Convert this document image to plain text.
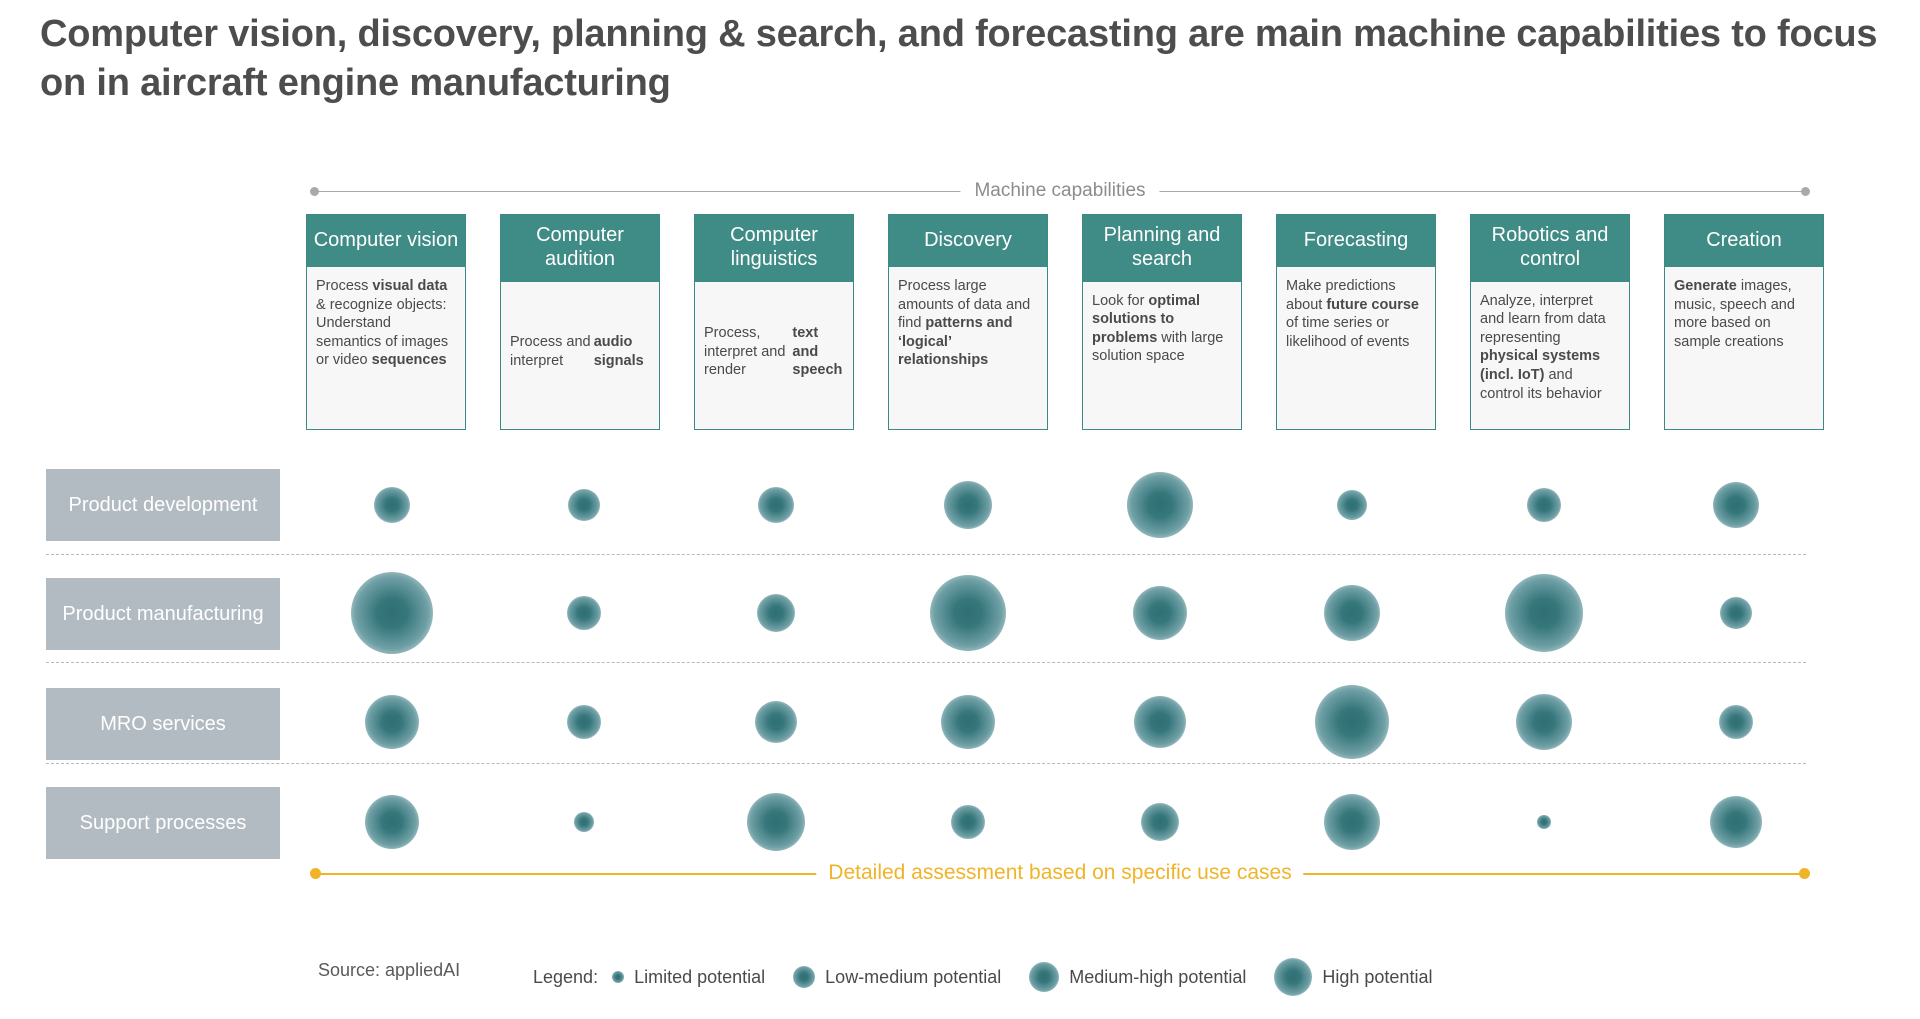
Computer vision, discovery, planning & search, and forecasting are main machine capabilities to focus on in aircraft engine manufacturing
Machine capabilities
Computer vision
Process visual data & recognize objects: Understand semantics of images or video sequences
Computer audition
Process and interpret
audio signals
Computer linguistics
Process, interpret and render
text and speech
Discovery
Process large amounts of data and find patterns and ‘logical’ relationships
Planning and search
Look for optimal solutions to problems with large solution space
Forecasting
Make predictions about future course of time series or likelihood of events
Robotics and control
Analyze, interpret and learn from data representing physical systems (incl. IoT) and control its behavior
Creation
Generate images, music, speech and more based on sample creations
Product development
Product manufacturing
MRO services
Support processes
Detailed assessment based on specific use cases
Source: appliedAI	Legend: Limited potential	Low-medium potential	Medium-high potential	High potential
